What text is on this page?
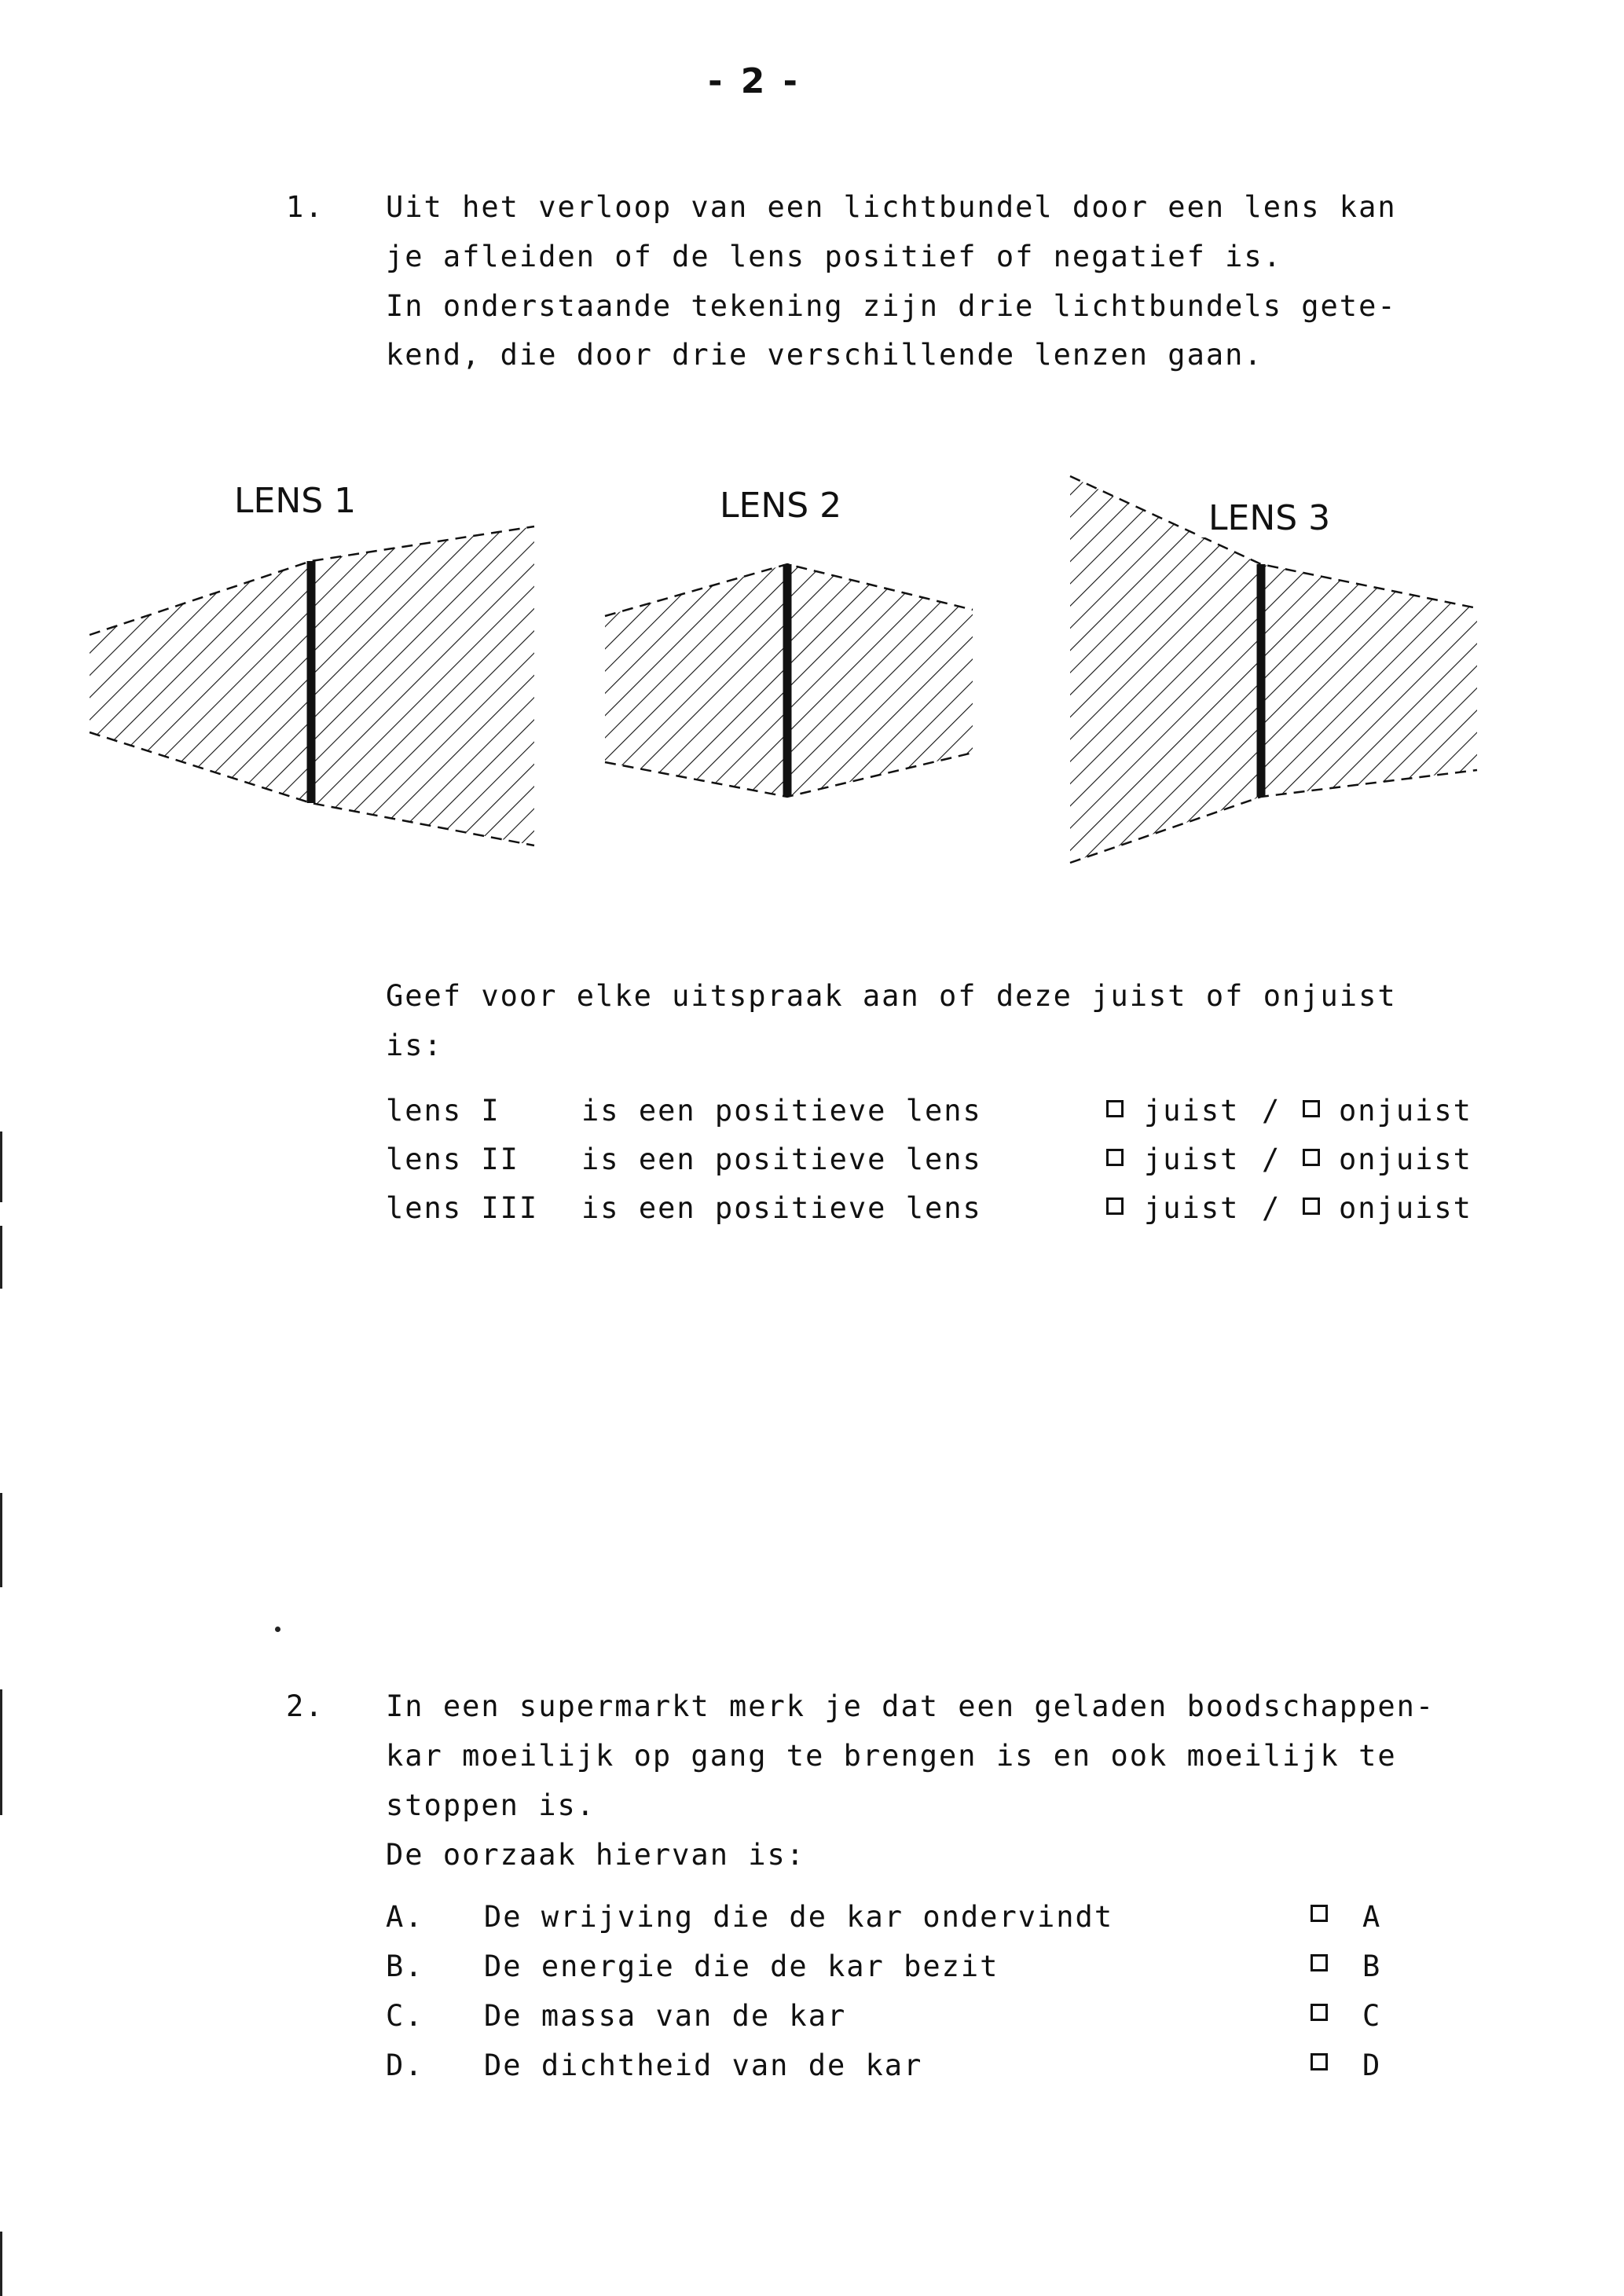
- 2 -
1. Uit het verloop van een lichtbundel door een lens kan
je afleiden of de lens positief of negatief is.
In onderstaande tekening zijn drie lichtbundels gete-
kend, die door drie verschillende lenzen gaan.
LENS 1	LENS 2	LENS 3
Geef voor elke uitspraak aan of deze juist of onjuist
is:
lens I	is een positieve lens	juist / onjuist
lens II is een positieve lens	juist / onjuist
lens III is een positieve lens	juist / onjuist
2. In een supermarkt merk je dat een geladen boodschappen-
kar moeilijk op gang te brengen is en ook moeilijk te
stoppen is.
De oorzaak hiervan is:
A. De wrijving die de kar ondervindt	A
B. De energie die de kar bezit	B
C. De massa van de kar	C
D. De dichtheid van de kar	D
